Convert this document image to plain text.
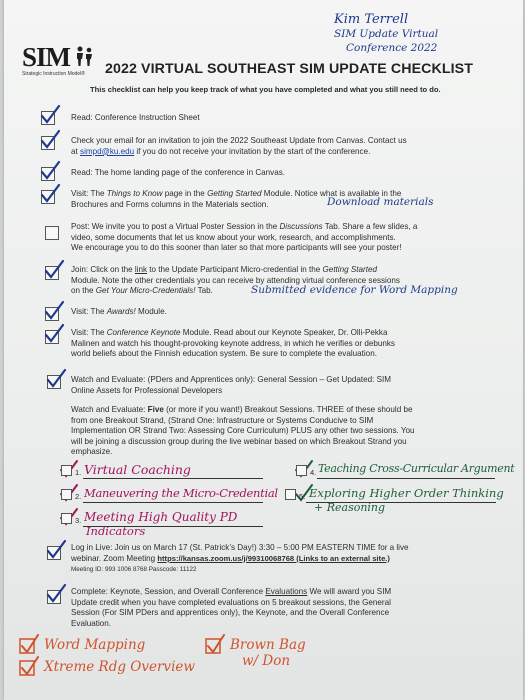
Kim Terrell
SIM Update Virtual
Conference 2022
SIM
Strategic Instruction Model® 2022 VIRTUAL SOUTHEAST SIM UPDATE CHECKLIST
This checklist can help you keep track of what you have completed and what you still need to do.
Read: Conference Instruction Sheet
Check your email for an invitation to join the 2022 Southeast Update from Canvas. Contact us
at simpd@ku.edu if you do not receive your invitation by the start of the conference.
Read: The home landing page of the conference in Canvas.
Visit: The Things to Know page in the Getting Started Module. Notice what is available in the
Brochures and Forms columns in the Materials section.	Download materials
Post: We invite you to post a Virtual Poster Session in the Discussions Tab. Share a few slides, a
video, some documents that let us know about your work, research, and accomplishments.
We encourage you to do this sooner than later so that more participants will see your poster!
Join: Click on the link to the Update Participant Micro-credential in the Getting Started
Module. Note the other credentials you can receive by attending virtual conference sessions
on the Get Your Micro-Credentials! Tab.	Submitted evidence for Word Mapping
Visit: The Awards! Module.
Visit: The Conference Keynote Module. Read about our Keynote Speaker, Dr. Olli-Pekka
Malinen and watch his thought-provoking keynote address, in which he verifies or debunks
world beliefs about the Finnish education system. Be sure to complete the evaluation.
Watch and Evaluate: (PDers and Apprentices only): General Session – Get Updated: SIM
Online Assets for Professional Developers
Watch and Evaluate: Five (or more if you want!) Breakout Sessions. THREE of these should be
from one Breakout Strand, (Strand One: Infrastructure or Systems Conducive to SIM
Implementation OR Strand Two: Assessing Core Curriculum) PLUS any other two sessions. You
will be joining a discussion group during the live webinar based on which Breakout Strand you
emphasize.
1. Virtual Coaching
2. Maneuvering the Micro-Credential
3. Meeting High Quality PD
Indicators
4. Teaching Cross-Curricular Argument
5. Exploring Higher Order Thinking
+ Reasoning
Log in Live: Join us on March 17 (St. Patrick’s Day!) 3:30 – 5:00 PM EASTERN TIME for a live
webinar. Zoom Meeting https://kansas.zoom.us/j/99310068768 (Links to an external site.)
Meeting ID: 993 1006 8768 Passcode: 11122
Complete: Keynote, Session, and Overall Conference Evaluations We will award you SIM
Update credit when you have completed evaluations on 5 breakout sessions, the General
Session (For SIM PDers and apprentices only), the Keynote, and the Overall Conference
Evaluation.
Word Mapping
Xtreme Rdg Overview
Brown Bag
w/ Don
